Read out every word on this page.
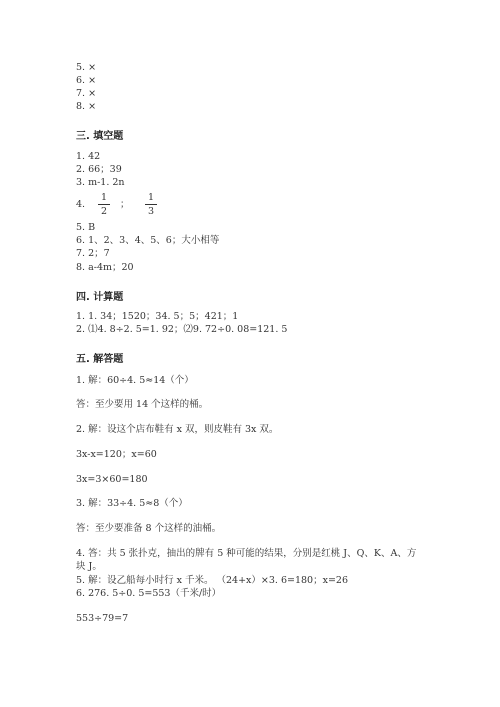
5. ×
6. ×
7. ×
8. ×
三. 填空题
1. 42
2. 66；39
3. m-1. 2n
4.
1
2
；
1
3
5. B
6. 1、2、3、4、5、6；大小相等
7. 2；7
8. a-4m；20
四. 计算题
1. 1. 34；1520；34. 5；5；421；1
2. ⑴4. 8÷2. 5=1. 92；⑵9. 72÷0. 08=121. 5
五. 解答题
1. 解：60÷4. 5≈14（个）
答：至少要用 14 个这样的桶。
2. 解：设这个店布鞋有 x 双，则皮鞋有 3x 双。
3x-x=120；x=60
3x=3×60=180
3. 解：33÷4. 5≈8（个）
答：至少要准备 8 个这样的油桶。
4. 答：共 5 张扑克，抽出的牌有 5 种可能的结果，分别是红桃 J、Q、K、A、方
块 J。
5. 解：设乙船每小时行 x 千米。 （24+x）×3. 6=180；x=26
6. 276. 5÷0. 5=553（千米/时）
553÷79=7
